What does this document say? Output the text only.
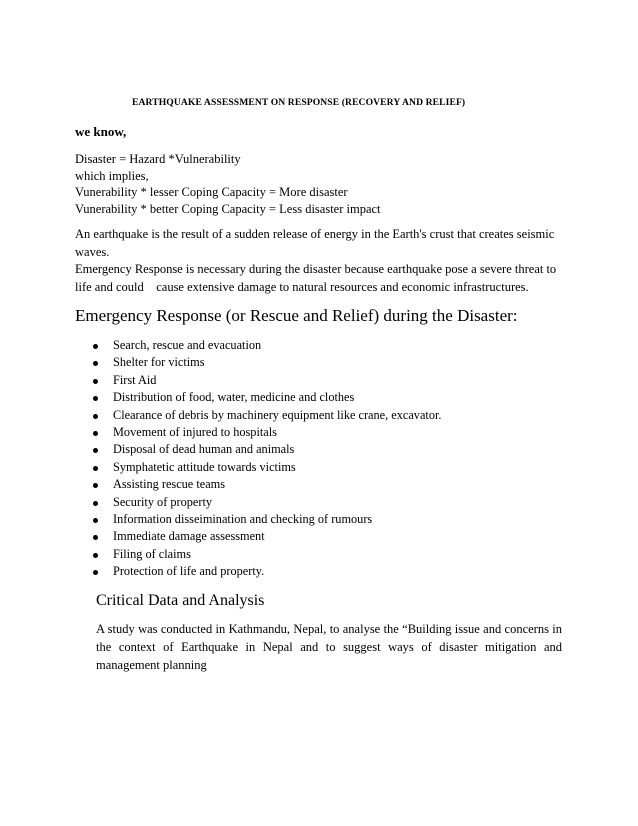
EARTHQUAKE ASSESSMENT ON RESPONSE (RECOVERY AND RELIEF)
we know,
Disaster = Hazard *Vulnerability
which implies,
Vunerability * lesser Coping Capacity = More disaster
Vunerability * better Coping Capacity = Less disaster impact
An earthquake is the result of a sudden release of energy in the Earth's crust that creates seismic waves.
Emergency Response is necessary during the disaster because earthquake pose a severe threat to life and could    cause extensive damage to natural resources and economic infrastructures.
Emergency Response (or Rescue and Relief) during the Disaster:
Search, rescue and evacuation
Shelter for victims
First Aid
Distribution of food, water, medicine and clothes
Clearance of debris by machinery equipment like crane, excavator.
Movement of injured to hospitals
Disposal of dead human and animals
Symphatetic attitude towards victims
Assisting rescue teams
Security of property
Information disseimination and checking of rumours
Immediate damage assessment
Filing of claims
Protection of life and property.
Critical Data and Analysis
A study was conducted in Kathmandu, Nepal, to analyse the “Building issue and concerns in the context of Earthquake in Nepal and to suggest ways of disaster mitigation and management planning
